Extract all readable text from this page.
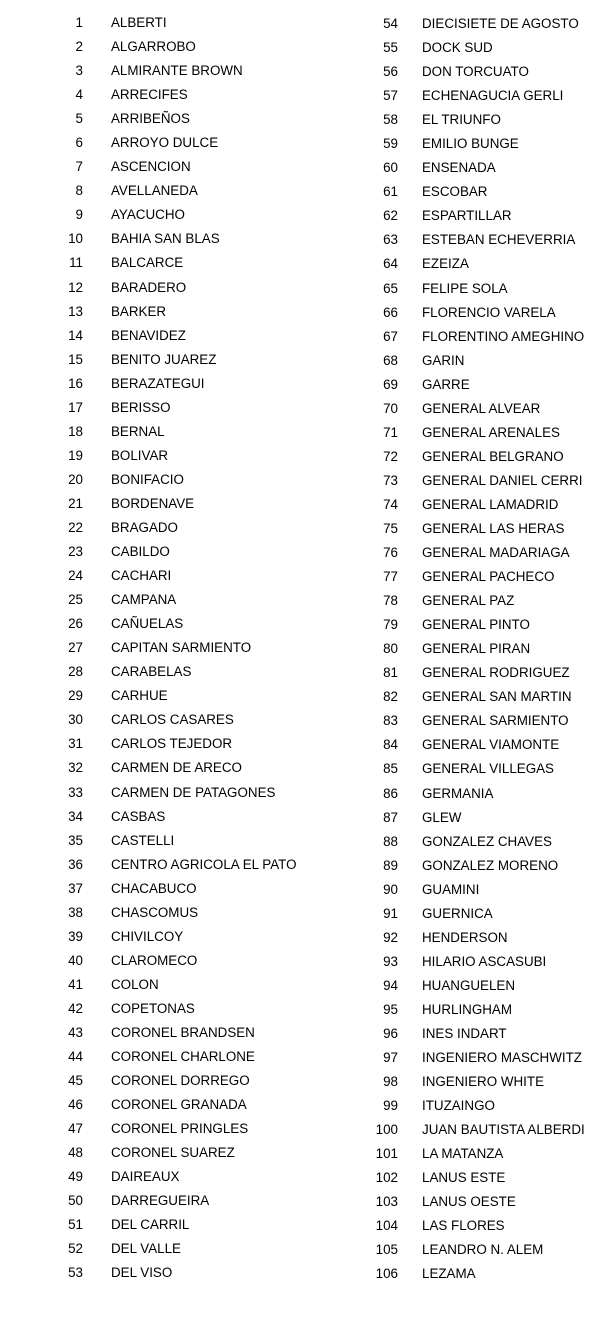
1 ALBERTI
2 ALGARROBO
3 ALMIRANTE BROWN
4 ARRECIFES
5 ARRIBEÑOS
6 ARROYO DULCE
7 ASCENCION
8 AVELLANEDA
9 AYACUCHO
10 BAHIA SAN BLAS
11 BALCARCE
12 BARADERO
13 BARKER
14 BENAVIDEZ
15 BENITO JUAREZ
16 BERAZATEGUI
17 BERISSO
18 BERNAL
19 BOLIVAR
20 BONIFACIO
21 BORDENAVE
22 BRAGADO
23 CABILDO
24 CACHARI
25 CAMPANA
26 CAÑUELAS
27 CAPITAN SARMIENTO
28 CARABELAS
29 CARHUE
30 CARLOS CASARES
31 CARLOS TEJEDOR
32 CARMEN DE ARECO
33 CARMEN DE PATAGONES
34 CASBAS
35 CASTELLI
36 CENTRO AGRICOLA EL PATO
37 CHACABUCO
38 CHASCOMUS
39 CHIVILCOY
40 CLAROMECO
41 COLON
42 COPETONAS
43 CORONEL BRANDSEN
44 CORONEL CHARLONE
45 CORONEL DORREGO
46 CORONEL GRANADA
47 CORONEL PRINGLES
48 CORONEL SUAREZ
49 DAIREAUX
50 DARREGUEIRA
51 DEL CARRIL
52 DEL VALLE
53 DEL VISO
54 DIECISIETE DE AGOSTO
55 DOCK SUD
56 DON TORCUATO
57 ECHENAGUCIA GERLI
58 EL TRIUNFO
59 EMILIO BUNGE
60 ENSENADA
61 ESCOBAR
62 ESPARTILLAR
63 ESTEBAN ECHEVERRIA
64 EZEIZA
65 FELIPE SOLA
66 FLORENCIO VARELA
67 FLORENTINO AMEGHINO
68 GARIN
69 GARRE
70 GENERAL ALVEAR
71 GENERAL ARENALES
72 GENERAL BELGRANO
73 GENERAL DANIEL CERRI
74 GENERAL LAMADRID
75 GENERAL LAS HERAS
76 GENERAL MADARIAGA
77 GENERAL PACHECO
78 GENERAL PAZ
79 GENERAL PINTO
80 GENERAL PIRAN
81 GENERAL RODRIGUEZ
82 GENERAL SAN MARTIN
83 GENERAL SARMIENTO
84 GENERAL VIAMONTE
85 GENERAL VILLEGAS
86 GERMANIA
87 GLEW
88 GONZALEZ CHAVES
89 GONZALEZ MORENO
90 GUAMINI
91 GUERNICA
92 HENDERSON
93 HILARIO ASCASUBI
94 HUANGUELEN
95 HURLINGHAM
96 INES INDART
97 INGENIERO MASCHWITZ
98 INGENIERO WHITE
99 ITUZAINGO
100 JUAN BAUTISTA ALBERDI
101 LA MATANZA
102 LANUS ESTE
103 LANUS OESTE
104 LAS FLORES
105 LEANDRO N. ALEM
106 LEZAMA
